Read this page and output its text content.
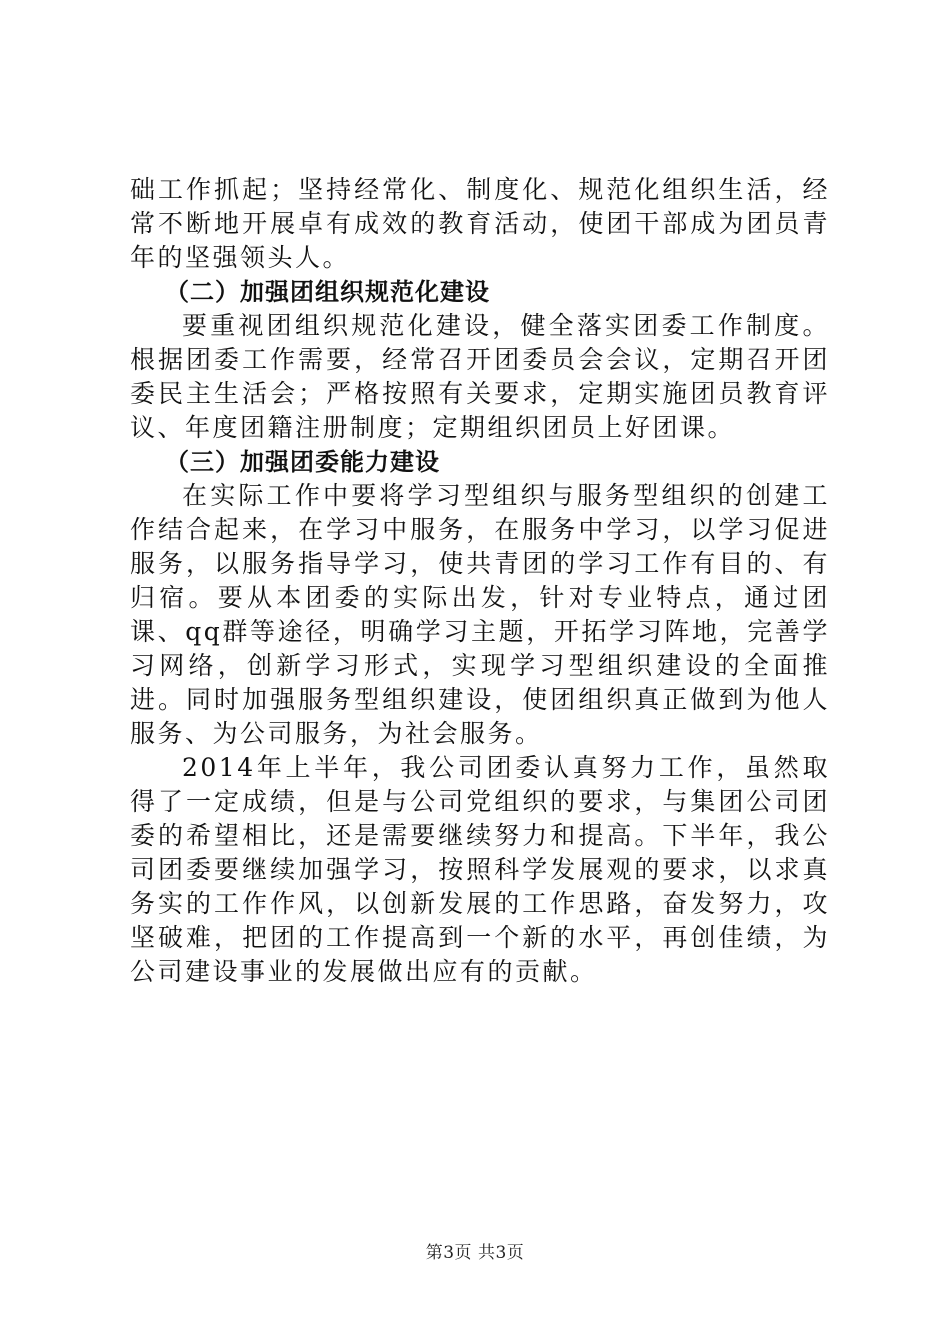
础工作抓起；坚持经常化、制度化、规范化组织生活，经常不断地开展卓有成效的教育活动，使团干部成为团员青年的坚强领头人。

（二）加强团组织规范化建设

要重视团组织规范化建设，健全落实团委工作制度。根据团委工作需要，经常召开团委员会会议，定期召开团委民主生活会；严格按照有关要求，定期实施团员教育评议、年度团籍注册制度；定期组织团员上好团课。

（三）加强团委能力建设

在实际工作中要将学习型组织与服务型组织的创建工作结合起来，在学习中服务，在服务中学习，以学习促进服务，以服务指导学习，使共青团的学习工作有目的、有归宿。要从本团委的实际出发，针对专业特点，通过团课、qq群等途径，明确学习主题，开拓学习阵地，完善学习网络，创新学习形式，实现学习型组织建设的全面推进。同时加强服务型组织建设，使团组织真正做到为他人服务、为公司服务，为社会服务。

2014年上半年，我公司团委认真努力工作，虽然取得了一定成绩，但是与公司党组织的要求，与集团公司团委的希望相比，还是需要继续努力和提高。下半年，我公司团委要继续加强学习，按照科学发展观的要求，以求真务实的工作作风，以创新发展的工作思路，奋发努力，攻坚破难，把团的工作提高到一个新的水平，再创佳绩，为公司建设事业的发展做出应有的贡献。

第3页 共3页
